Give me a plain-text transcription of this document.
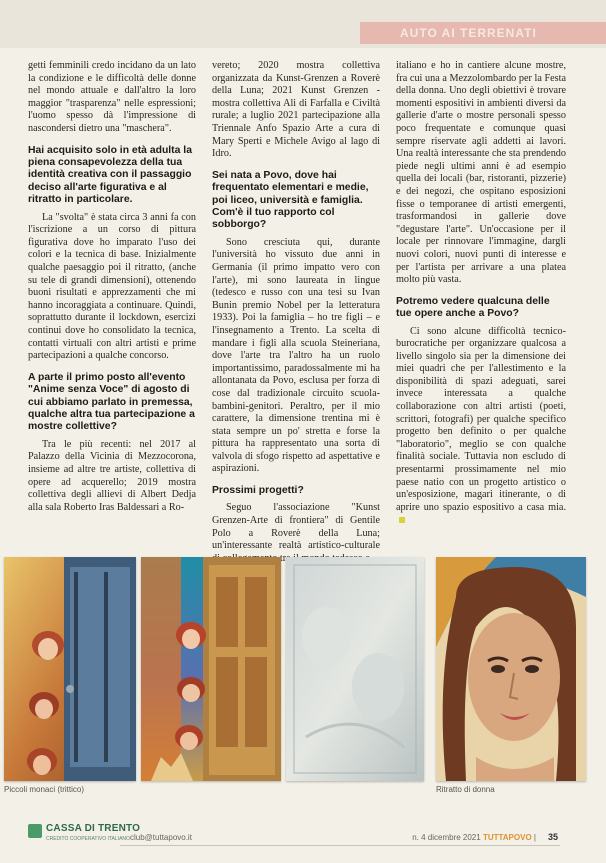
AUTO AI TERRENATI

getti femminili credo incidano da un lato la condizione e le difficoltà delle donne nel mondo attuale e dall'altro la loro maggior "trasparenza" nelle espressioni; l'uomo spesso dà l'impressione di nascondersi dietro una "maschera".

Hai acquisito solo in età adulta la piena consapevolezza della tua identità creativa con il passaggio deciso all'arte figurativa e al ritratto in particolare.

La "svolta" è stata circa 3 anni fa con l'iscrizione a un corso di pittura figurativa dove ho imparato l'uso dei colori e la tecnica di base. Inizialmente qualche paesaggio poi il ritratto, (anche su tele di grandi dimensioni), ottenendo buoni risultati e apprezzamenti che mi hanno incoraggiata a continuare. Quindi, soprattutto durante il lockdown, esercizi continui dove ho consolidato la tecnica, contatti virtuali con altri artisti e prime partecipazioni a qualche concorso.

A parte il primo posto all'evento "Anime senza Voce" di agosto di cui abbiamo parlato in premessa, qualche altra tua partecipazione a mostre collettive?

Tra le più recenti: nel 2017 al Palazzo della Vicinia di Mezzocorona, insieme ad altre tre artiste, collettiva di opere ad acquerello; 2019 mostra collettiva degli allievi di Albert Dedja alla sala Roberto Iras Baldessari a Ro-

vereto; 2020 mostra collettiva organizzata da Kunst-Grenzen a Roverè della Luna; 2021 Kunst Grenzen - mostra collettiva Ali di Farfalla e Civiltà rurale; a luglio 2021 partecipazione alla Triennale Anfo Spazio Arte a cura di Mary Sperti e Michele Avigo al lago di Idro.

Sei nata a Povo, dove hai frequentato elementari e medie, poi liceo, università e famiglia. Com'è il tuo rapporto col sobborgo?

Sono cresciuta qui, durante l'università ho vissuto due anni in Germania (il primo impatto vero con l'arte), mi sono laureata in lingue (tedesco e russo con una tesi su Ivan Bunin premio Nobel per la letteratura 1933). Poi la famiglia – ho tre figli – e l'insegnamento a Trento. La scelta di mandare i figli alla scuola Steineriana, dove l'arte tra l'altro ha un ruolo importantissimo, paradossalmente mi ha allontanata da Povo, esclusa per forza di cose dal tradizionale circuito scuola-bambini-genitori. Peraltro, per il mio carattere, la dimensione trentina mi è stata sempre un po' stretta e forse la pittura ha rappresentato una sorta di valvola di sfogo rispetto ad aspettative e aspirazioni.

Prossimi progetti?

Seguo l'associazione "Kunst Grenzen-Arte di frontiera" di Gentile Polo a Roverè della Luna; un'interessante realtà artistico-culturale tra

italiano e ho in cantiere alcune mostre, fra cui una a Mezzolombardo per la Festa della donna. Uno degli obiettivi è trovare momenti espositivi in ambienti diversi da gallerie d'arte o mostre personali spesso poco frequentate e comunque quasi sempre riservate agli addetti ai lavori. Una realtà interessante che sta prendendo piede negli ultimi anni è ad esempio quella dei locali (bar, ristoranti, pizzerie) e dei negozi, che ospitano esposizioni fisse o temporanee di artisti emergenti, trasformandosi in gallerie dove "degustare l'arte". Un'occasione per il locale per rinnovare l'immagine, dargli nuovi colori, nuovi punti di interesse e per l'artista per arrivare a una platea molto più vasta.

Potremo vedere qualcuna delle tue opere anche a Povo?

Ci sono alcune difficoltà tecnico-burocratiche per organizzare qualcosa a livello singolo sia per la dimensione dei miei quadri che per l'allestimento e la disponibilità di spazi adeguati, sarei invece interessata a qualche collaborazione con altri artisti (poeti, scrittori, fotografi) per qualche specifico progetto ben definito o per qualche "laboratorio", meglio se con qualche finalità sociale. Tuttavia non escludo di presentarmi prossimamente nel mio paese natio con un progetto artistico o un'esposizione, magari itinerante, o di aprire uno spazio espositivo a casa mia.

Piccoli monaci (trittico)	Ritratto di donna
CASSA DI TRENTO
CREDITO COOPERATIVO ITALIANO club@tuttapovo.it	n. 4 dicembre 2021 TUTTAPOVO | 35
